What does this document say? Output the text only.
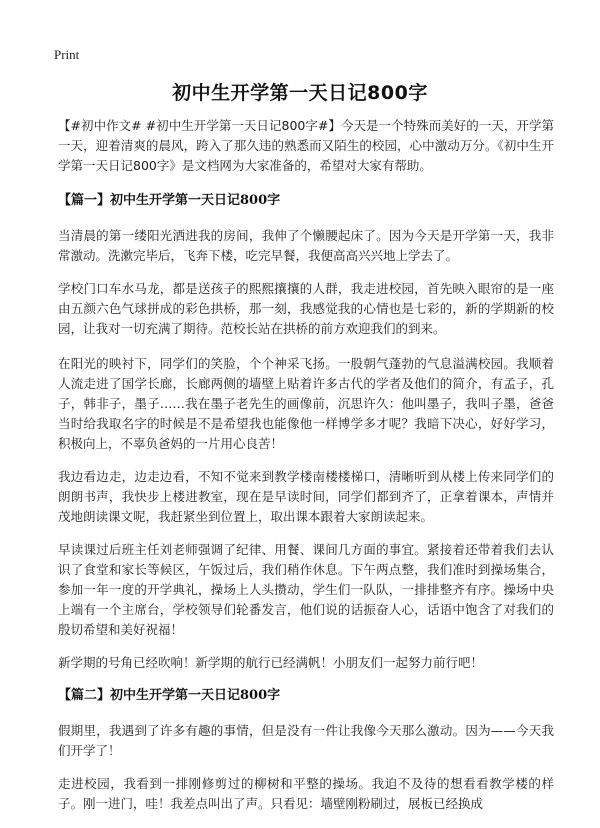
Print
初中生开学第一天日记800字

【#初中作文# #初中生开学第一天日记800字#】今天是一个特殊而美好的一天，开学第一天，迎着清爽的晨风，跨入了那久违的熟悉而又陌生的校园，心中激动万分。《初中生开学第一天日记800字》是文档网为大家准备的，希望对大家有帮助。

【篇一】初中生开学第一天日记800字

当清晨的第一缕阳光洒进我的房间，我伸了个懒腰起床了。因为今天是开学第一天，我非常激动。洗漱完毕后，飞奔下楼，吃完早餐，我便高高兴兴地上学去了。

学校门口车水马龙，都是送孩子的熙熙攘攘的人群，我走进校园，首先映入眼帘的是一座由五颜六色气球拼成的彩色拱桥，那一刻，我感觉我的心情也是七彩的，新的学期新的校园，让我对一切充满了期待。范校长站在拱桥的前方欢迎我们的到来。

在阳光的映衬下，同学们的笑脸，个个神采飞扬。一股朝气蓬勃的气息溢满校园。我顺着人流走进了国学长廊，长廊两侧的墙壁上贴着许多古代的学者及他们的简介，有孟子，孔子，韩非子，墨子……我在墨子老先生的画像前，沉思许久：他叫墨子，我叫子墨，爸爸当时给我取名字的时候是不是希望我也能像他一样博学多才呢？我暗下决心，好好学习，积极向上，不辜负爸妈的一片用心良苦！

我边看边走，边走边看，不知不觉来到教学楼南楼楼梯口，清晰听到从楼上传来同学们的朗朗书声，我快步上楼进教室，现在是早读时间，同学们都到齐了，正拿着课本，声情并茂地朗读课文呢，我赶紧坐到位置上，取出课本跟着大家朗读起来。

早读课过后班主任刘老师强调了纪律、用餐、课间几方面的事宜。紧接着还带着我们去认识了食堂和家长等候区，午饭过后，我们稍作休息。下午两点整，我们准时到操场集合，参加一年一度的开学典礼，操场上人头攒动，学生们一队队，一排排整齐有序。操场中央上端有一个主席台，学校领导们轮番发言，他们说的话振奋人心，话语中饱含了对我们的殷切希望和美好祝福！

新学期的号角已经吹响！新学期的航行已经满帆！小朋友们一起努力前行吧！

【篇二】初中生开学第一天日记800字

假期里，我遇到了许多有趣的事情，但是没有一件让我像今天那么激动。因为——今天我们开学了！

走进校园，我看到一排刚修剪过的柳树和平整的操场。我迫不及待的想看看教学楼的样子。刚一进门，哇！我差点叫出了声。只看见：墙壁刚粉刷过，展板已经换成
